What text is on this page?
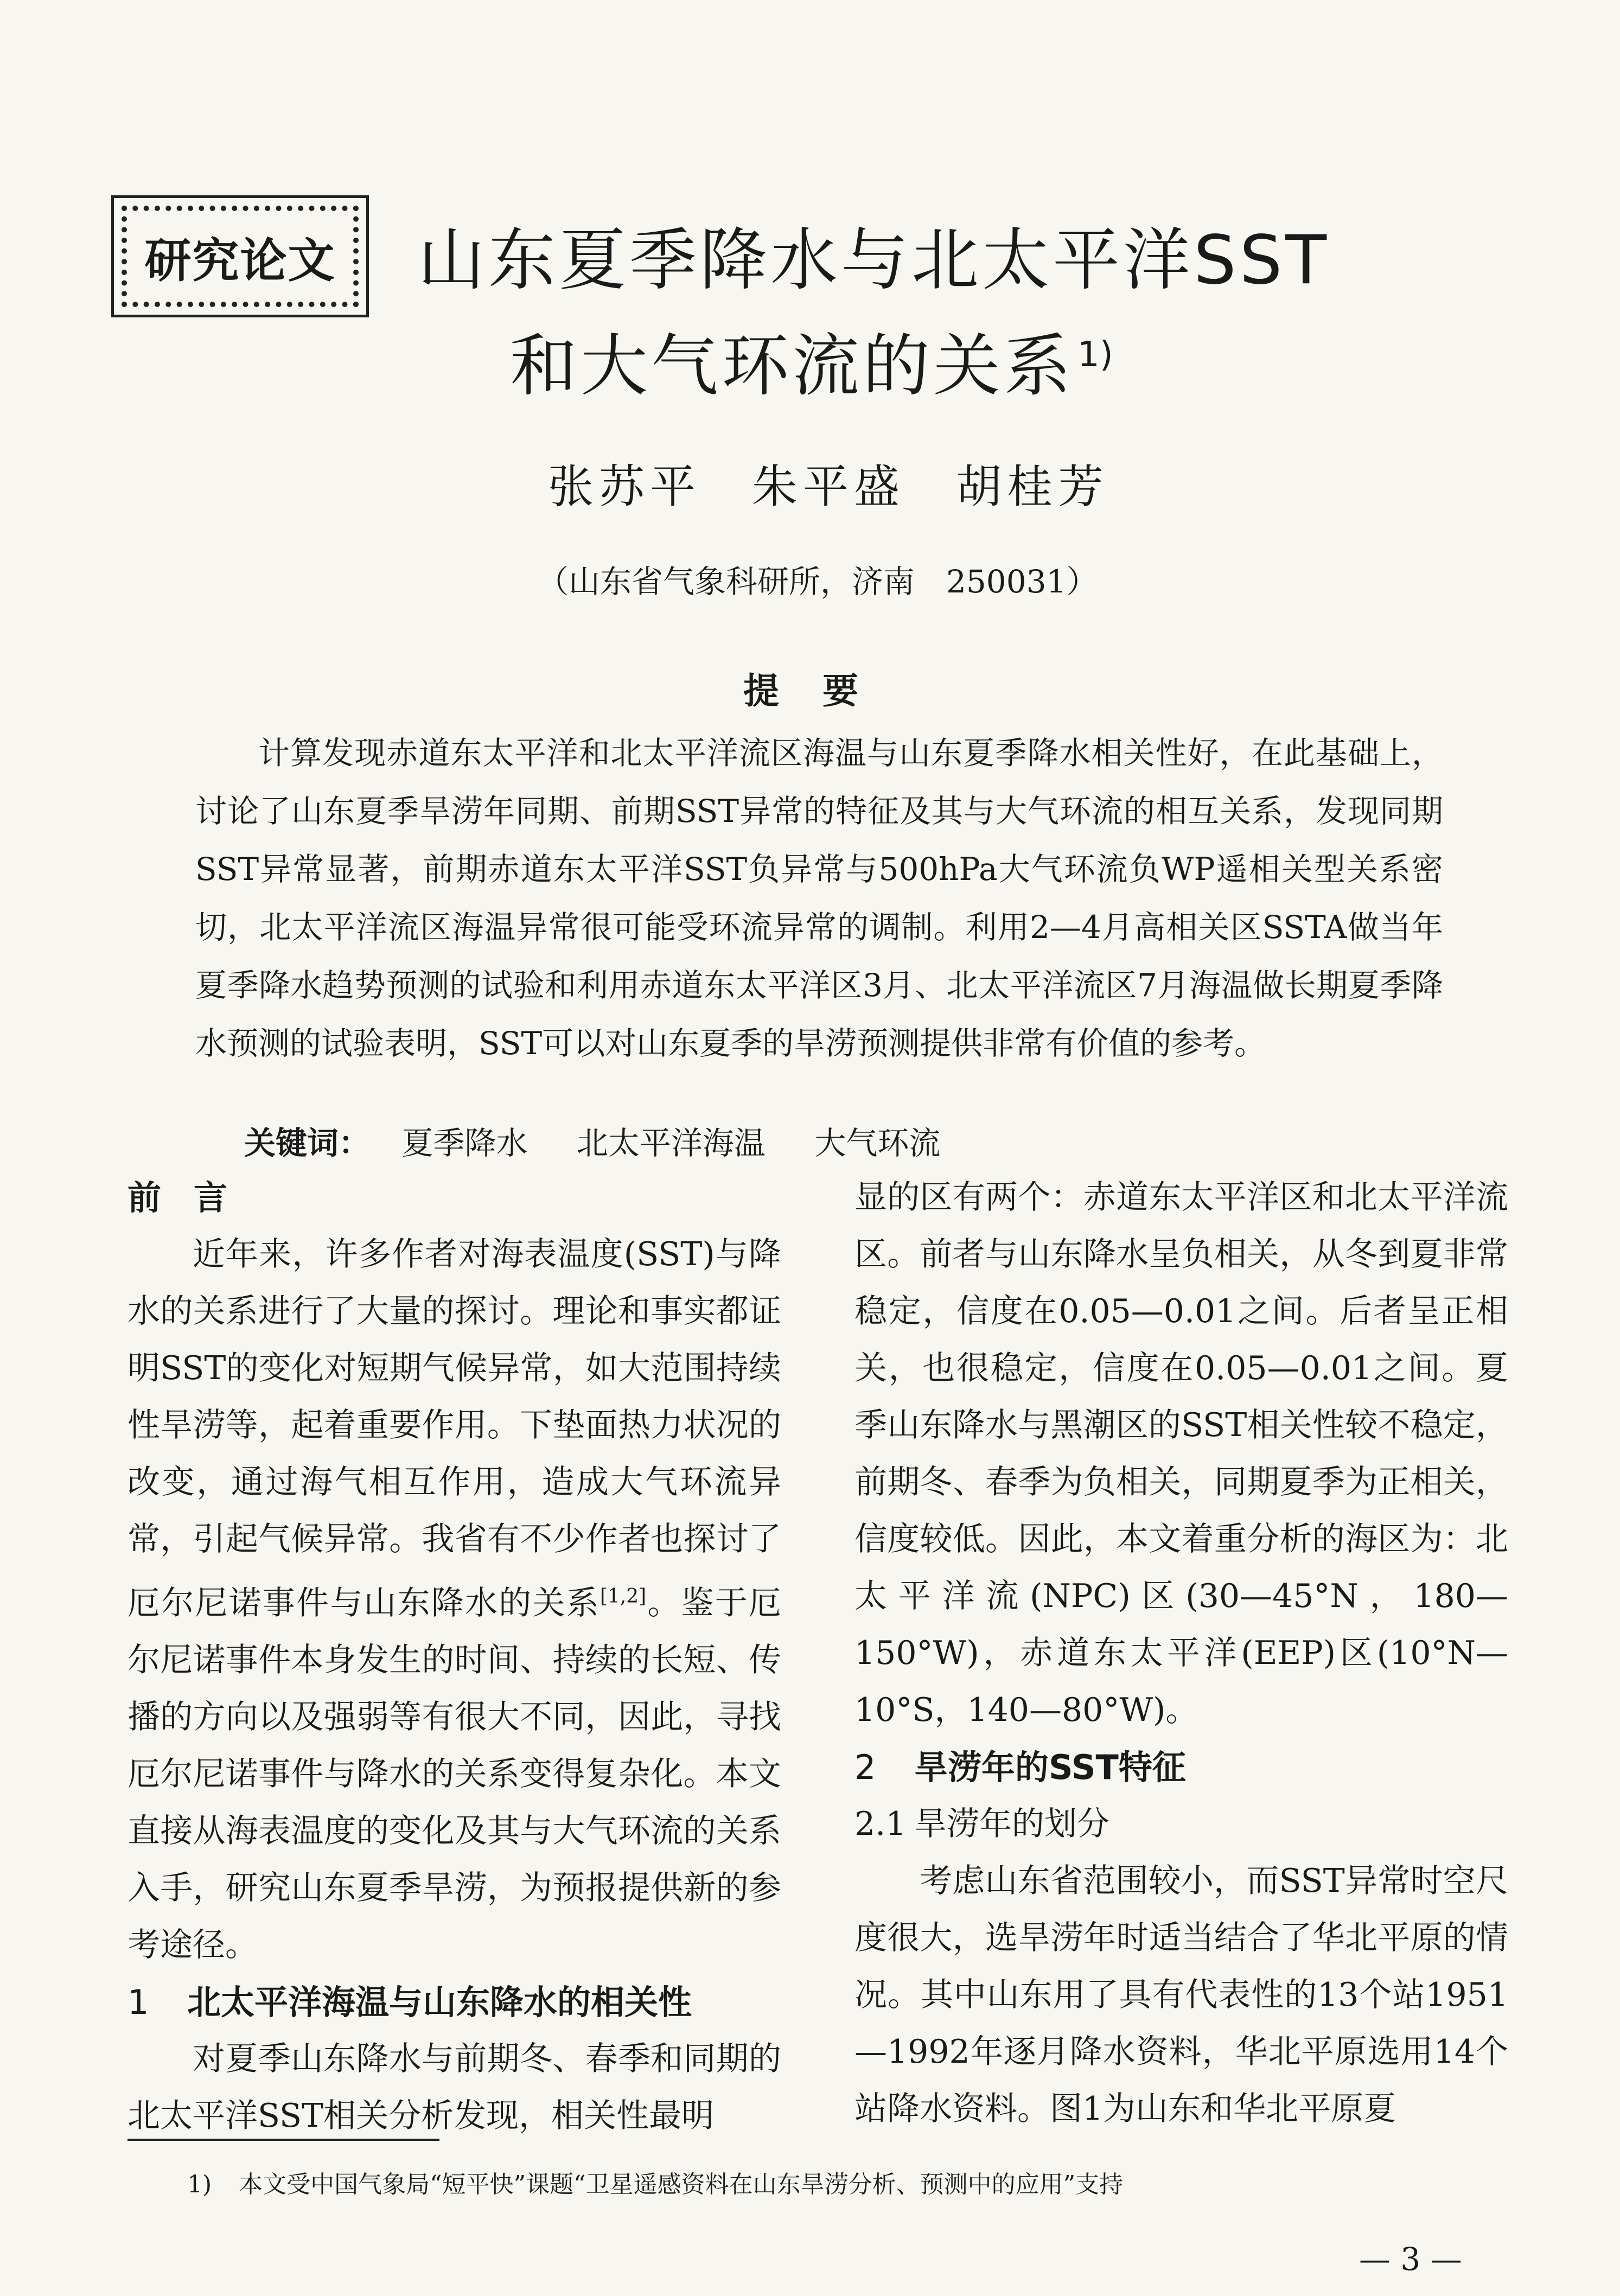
研究论文 山东夏季降水与北太平洋SST
和大气环流的关系$^{1)}$
张苏平　朱平盛　胡桂芳
（山东省气象科研所，济南　250031）
提要

计算发现赤道东太平洋和北太平洋流区海温与山东夏季降水相关性好，在此基础上，讨论了山东夏季旱涝年同期、前期SST异常的特征及其与大气环流的相互关系，发现同期SST异常显著，前期赤道东太平洋SST负异常与500hPa大气环流负WP遥相关型关系密切，北太平洋流区海温异常很可能受环流异常的调制。利用2—4月高相关区SSTA做当年夏季降水趋势预测的试验和利用赤道东太平洋区3月、北太平洋流区7月海温做长期夏季降水预测的试验表明，SST可以对山东夏季的旱涝预测提供非常有价值的参考。

关键词： 夏季降水 北太平洋海温 大气环流
前言

近年来，许多作者对海表温度(SST)与降水的关系进行了大量的探讨。理论和事实都证明SST的变化对短期气候异常，如大范围持续性旱涝等，起着重要作用。下垫面热力状况的改变，通过海气相互作用，造成大气环流异常，引起气候异常。我省有不少作者也探讨了厄尔尼诺事件与山东降水的关系[1,2]。鉴于厄尔尼诺事件本身发生的时间、持续的长短、传播的方向以及强弱等有很大不同，因此，寻找厄尔尼诺事件与降水的关系变得复杂化。本文直接从海表温度的变化及其与大气环流的关系入手，研究山东夏季旱涝，为预报提供新的参考途径。

1 北太平洋海温与山东降水的相关性

对夏季山东降水与前期冬、春季和同期的北太平洋SST相关分析发现，相关性最明

显的区有两个：赤道东太平洋区和北太平洋流区。前者与山东降水呈负相关，从冬到夏非常稳定，信度在0.05—0.01之间。后者呈正相关，也很稳定，信度在0.05—0.01之间。夏季山东降水与黑潮区的SST相关性较不稳定，前期冬、春季为负相关，同期夏季为正相关，信度较低。因此，本文着重分析的海区为：北太平洋流(NPC)区(30—45°N，180—150°W)，赤道东太平洋(EEP)区(10°N—10°S，140—80°W)。

2 旱涝年的SST特征
2.1 旱涝年的划分

考虑山东省范围较小，而SST异常时空尺度很大，选旱涝年时适当结合了华北平原的情况。其中山东用了具有代表性的13个站1951—1992年逐月降水资料，华北平原选用14个站降水资料。图1为山东和华北平原夏

1) 本文受中国气象局“短平快”课题“卫星遥感资料在山东旱涝分析、预测中的应用”支持
— 3 —
